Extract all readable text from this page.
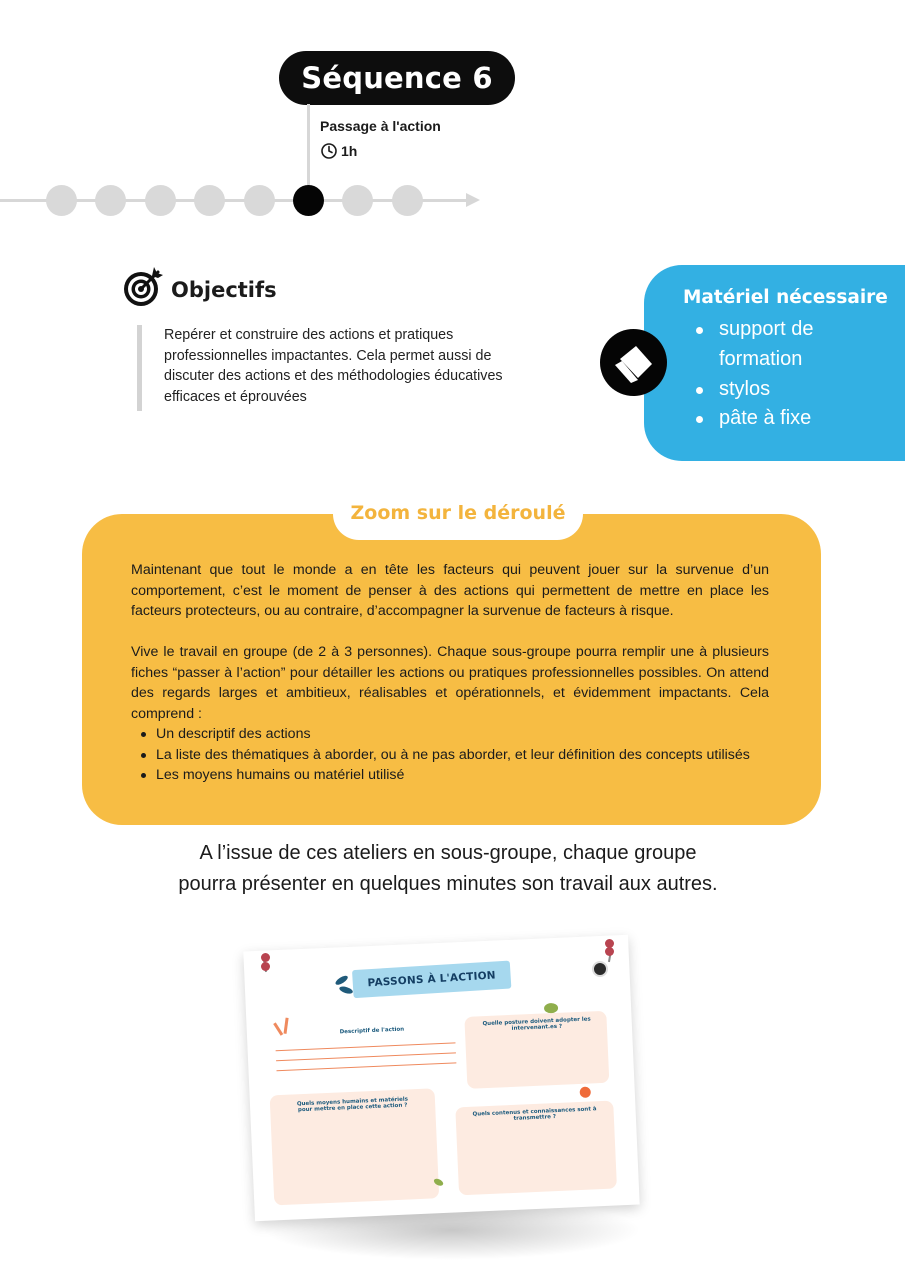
Séquence 6
Passage à l'action
1h
Objectifs
Repérer et construire des actions et pratiques professionnelles impactantes. Cela permet aussi de discuter des actions et des méthodologies éducatives efficaces et éprouvées
Matériel nécessaire
support de formation
stylos
pâte à fixe
Zoom sur le déroulé

Maintenant que tout le monde a en tête les facteurs qui peuvent jouer sur la survenue d’un comportement, c’est le moment de penser à des actions qui permettent de mettre en place les facteurs protecteurs, ou au contraire, d’accompagner la survenue de facteurs à risque.

Vive le travail en groupe (de 2 à 3 personnes). Chaque sous-groupe pourra remplir une à plusieurs fiches “passer à l’action” pour détailler les actions ou pratiques professionnelles possibles. On attend des regards larges et ambitieux, réalisables et opérationnels, et évidemment impactants. Cela comprend :

Un descriptif des actions
La liste des thématiques à aborder, ou à ne pas aborder, et leur définition des concepts utilisés
Les moyens humains ou matériel utilisé
A l’issue de ces ateliers en sous-groupe, chaque groupe
pourra présenter en quelques minutes son travail aux autres.
PASSONS À L'ACTION
Descriptif de l'action
Quelle posture doivent adopter les intervenant.es ?
Quels moyens humains et matériels pour mettre en place cette action ?	Quels contenus et connaissances sont à transmettre ?
